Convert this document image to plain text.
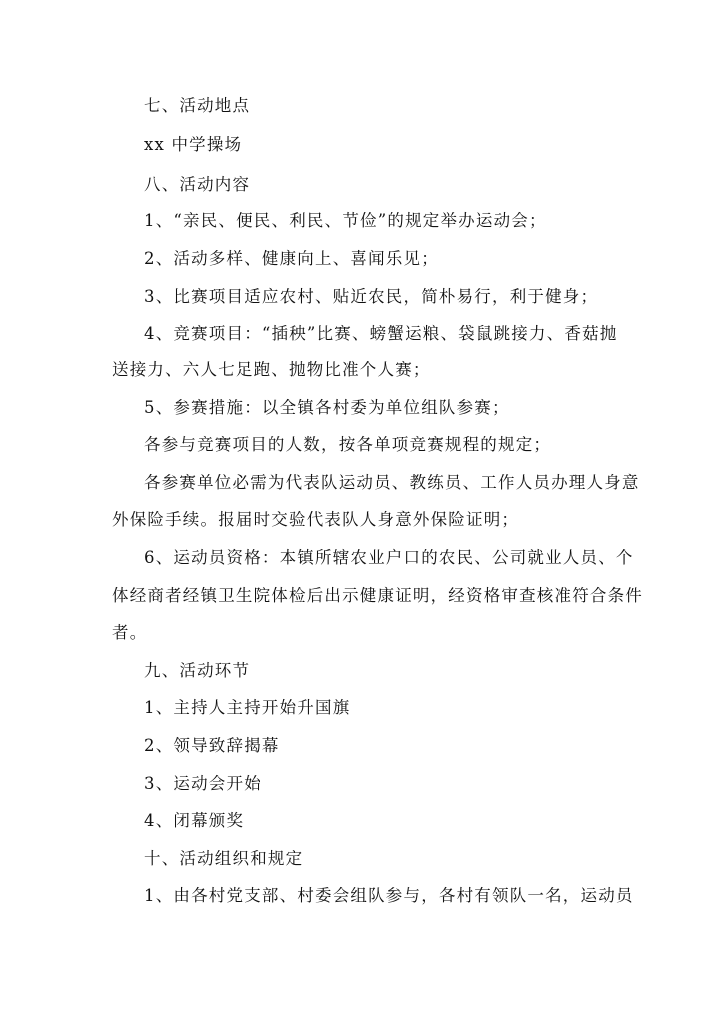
七、活动地点
xx 中学操场
八、活动内容
1、“亲民、便民、利民、节俭”的规定举办运动会；
2、活动多样、健康向上、喜闻乐见；
3、比赛项目适应农村、贴近农民，简朴易行，利于健身；
4、竞赛项目：“插秧”比赛、螃蟹运粮、袋鼠跳接力、香菇抛
送接力、六人七足跑、抛物比准个人赛；
5、参赛措施：以全镇各村委为单位组队参赛；
各参与竞赛项目的人数，按各单项竞赛规程的规定；
各参赛单位必需为代表队运动员、教练员、工作人员办理人身意
外保险手续。报届时交验代表队人身意外保险证明；
6、运动员资格：本镇所辖农业户口的农民、公司就业人员、个
体经商者经镇卫生院体检后出示健康证明，经资格审查核准符合条件
者。
九、活动环节
1、主持人主持开始升国旗
2、领导致辞揭幕
3、运动会开始
4、闭幕颁奖
十、活动组织和规定
1、由各村党支部、村委会组队参与，各村有领队一名，运动员
